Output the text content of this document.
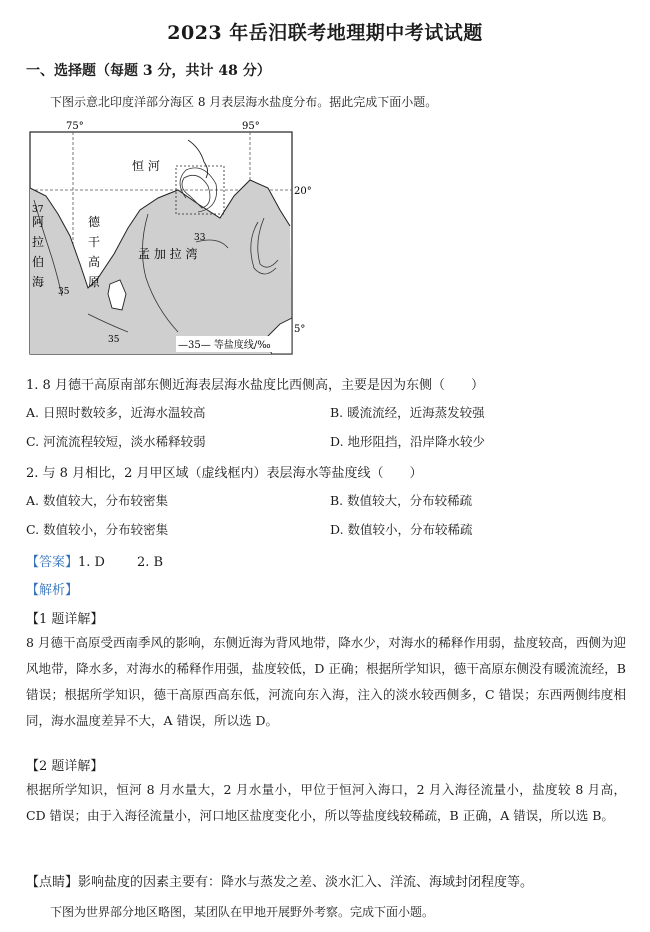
2023 年岳汨联考地理期中考试试题
一、选择题（每题 3 分，共计 48 分）
下图示意北印度洋部分海区 8 月表层海水盐度分布。据此完成下面小题。
75°	95°
20°
5°
恒 河
37
阿
拉
伯
海
德
干
高
原
35
35
33
孟 加 拉 湾
—35— 等盐度线/‰
1. 8 月德干高原南部东侧近海表层海水盐度比西侧高，主要是因为东侧（　　）
A. 日照时数较多，近海水温较高	B. 暖流流经，近海蒸发较强
C. 河流流程较短，淡水稀释较弱	D. 地形阻挡，沿岸降水较少
2. 与 8 月相比，2 月甲区域（虚线框内）表层海水等盐度线（　　）
A. 数值较大，分布较密集	B. 数值较大，分布较稀疏
C. 数值较小，分布较密集	D. 数值较小，分布较稀疏
【答案】1. D 2. B
【解析】
【1 题详解】
8 月德干高原受西南季风的影响，东侧近海为背风地带，降水少，对海水的稀释作用弱，盐度较高，西侧为迎风地带，降水多，对海水的稀释作用强，盐度较低，D 正确；根据所学知识，德干高原东侧没有暖流流经，B 错误；根据所学知识，德干高原西高东低，河流向东入海，注入的淡水较西侧多，C 错误；东西两侧纬度相同，海水温度差异不大，A 错误，所以选 D。
【2 题详解】
根据所学知识，恒河 8 月水量大，2 月水量小，甲位于恒河入海口，2 月入海径流量小，盐度较 8 月高，CD 错误；由于入海径流量小，河口地区盐度变化小，所以等盐度线较稀疏，B 正确，A 错误，所以选 B。
【点睛】影响盐度的因素主要有：降水与蒸发之差、淡水汇入、洋流、海域封闭程度等。
下图为世界部分地区略图，某团队在甲地开展野外考察。完成下面小题。
